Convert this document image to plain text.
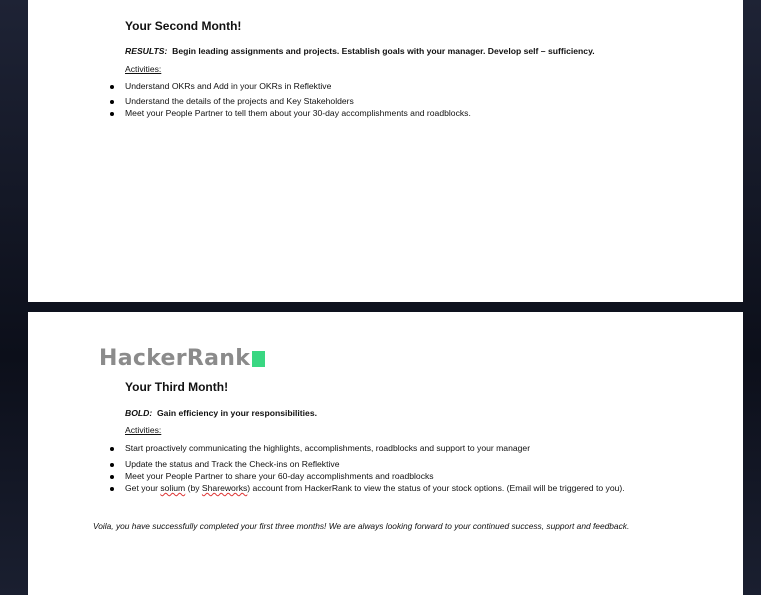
Your Second Month!
RESULTS: Begin leading assignments and projects. Establish goals with your manager. Develop self – sufficiency.
Activities:
Understand OKRs and Add in your OKRs in Reflektive
Understand the details of the projects and Key Stakeholders
Meet your People Partner to tell them about your 30-day accomplishments and roadblocks.
HackerRank
Your Third Month!
BOLD: Gain efficiency in your responsibilities.
Activities:
Start proactively communicating the highlights, accomplishments, roadblocks and support to your manager
Update the status and Track the Check-ins on Reflektive
Meet your People Partner to share your 60-day accomplishments and roadblocks
Get your solium (by Shareworks) account from HackerRank to view the status of your stock options. (Email will be triggered to you).
Voila, you have successfully completed your first three months! We are always looking forward to your continued success, support and feedback.
